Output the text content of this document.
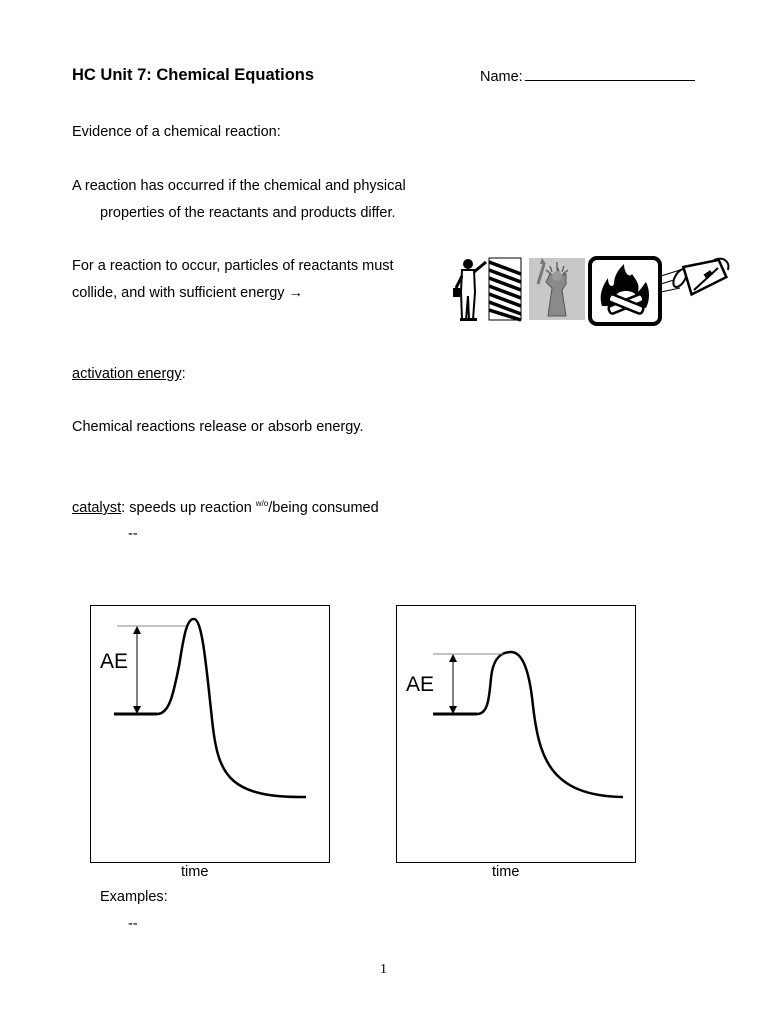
HC Unit 7: Chemical Equations	Name:
Evidence of a chemical reaction:
A reaction has occurred if the chemical and physical
properties of the reactants and products differ.
For a reaction to occur, particles of reactants must
collide, and with sufficient energy →
activation energy:
Chemical reactions release or absorb energy.
catalyst: speeds up reaction $^{w/o}$/being consumed
--
AE
time
AE
time
Examples:
--
1
